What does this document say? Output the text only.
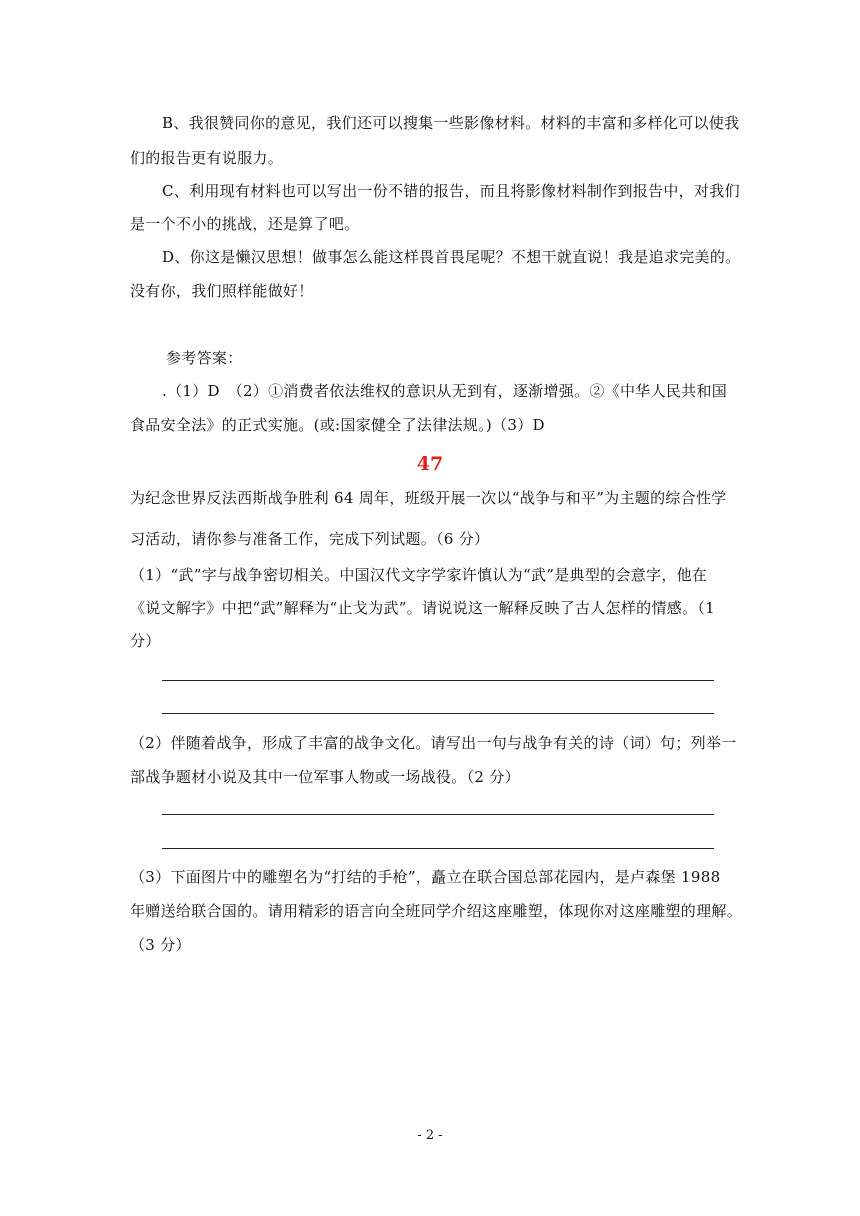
B、我很赞同你的意见，我们还可以搜集一些影像材料。材料的丰富和多样化可以使我
们的报告更有说服力。
C、利用现有材料也可以写出一份不错的报告，而且将影像材料制作到报告中，对我们
是一个不小的挑战，还是算了吧。
D、你这是懒汉思想！做事怎么能这样畏首畏尾呢？不想干就直说！我是追求完美的。
没有你，我们照样能做好！
参考答案：
.（1）D　（2）①消费者依法维权的意识从无到有，逐渐增强。②《中华人民共和国
食品安全法》的正式实施。(或:国家健全了法律法规。)（3）D
47
为纪念世界反法西斯战争胜利 64 周年，班级开展一次以“战争与和平”为主题的综合性学
习活动，请你参与准备工作，完成下列试题。（6 分）
（1）“武”字与战争密切相关。中国汉代文字学家许慎认为“武”是典型的会意字，他在
《说文解字》中把“武”解释为“止戈为武”。请说说这一解释反映了古人怎样的情感。（1
分）
（2）伴随着战争，形成了丰富的战争文化。请写出一句与战争有关的诗（词）句；列举一
部战争题材小说及其中一位军事人物或一场战役。（2 分）
（3）下面图片中的雕塑名为“打结的手枪”，矗立在联合国总部花园内，是卢森堡 1988
年赠送给联合国的。请用精彩的语言向全班同学介绍这座雕塑，体现你对这座雕塑的理解。
（3 分）
- 2 -
